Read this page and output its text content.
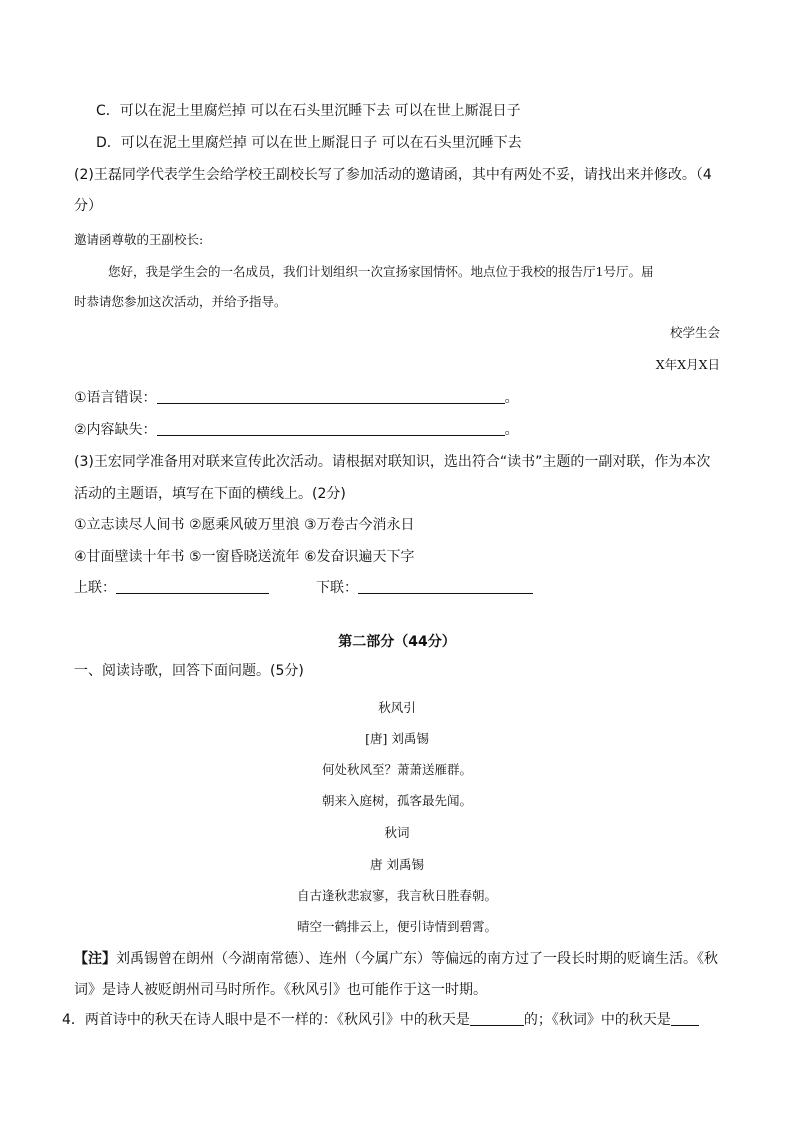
C．可以在泥土里腐烂掉 可以在石头里沉睡下去 可以在世上厮混日子
D．可以在泥土里腐烂掉 可以在世上厮混日子 可以在石头里沉睡下去
(2)王磊同学代表学生会给学校王副校长写了参加活动的邀请函，其中有两处不妥，请找出来并修改。（4
分）
邀请函尊敬的王副校长:
您好，我是学生会的一名成员，我们计划组织一次宣扬家国情怀。地点位于我校的报告厅1号厅。届
时恭请您参加这次活动，并给予指导。
校学生会
X年X月X日
①语言错误：	。
②内容缺失：	。
(3)王宏同学准备用对联来宣传此次活动。请根据对联知识，选出符合“读书”主题的一副对联，作为本次
活动的主题语，填写在下面的横线上。(2分)
①立志读尽人间书 ②愿乘风破万里浪 ③万卷古今消永日
④甘面壁读十年书 ⑤一窗昏晓送流年 ⑥发奋识遍天下字
上联：	下联：
第二部分（44分）
一、阅读诗歌，回答下面问题。(5分)
秋风引
[唐] 刘禹锡
何处秋风至？萧萧送雁群。
朝来入庭树，孤客最先闻。
秋词
唐 刘禹锡
自古逢秋悲寂寥，我言秋日胜春朝。
晴空一鹤排云上，便引诗情到碧霄。
【注】刘禹锡曾在朗州（今湖南常德）、连州（今属广东）等偏远的南方过了一段长时期的贬谪生活。《秋
词》是诗人被贬朗州司马时所作。《秋风引》也可能作于这一时期。
4．两首诗中的秋天在诗人眼中是不一样的：《秋风引》中的秋天是	的；《秋词》中的秋天是
